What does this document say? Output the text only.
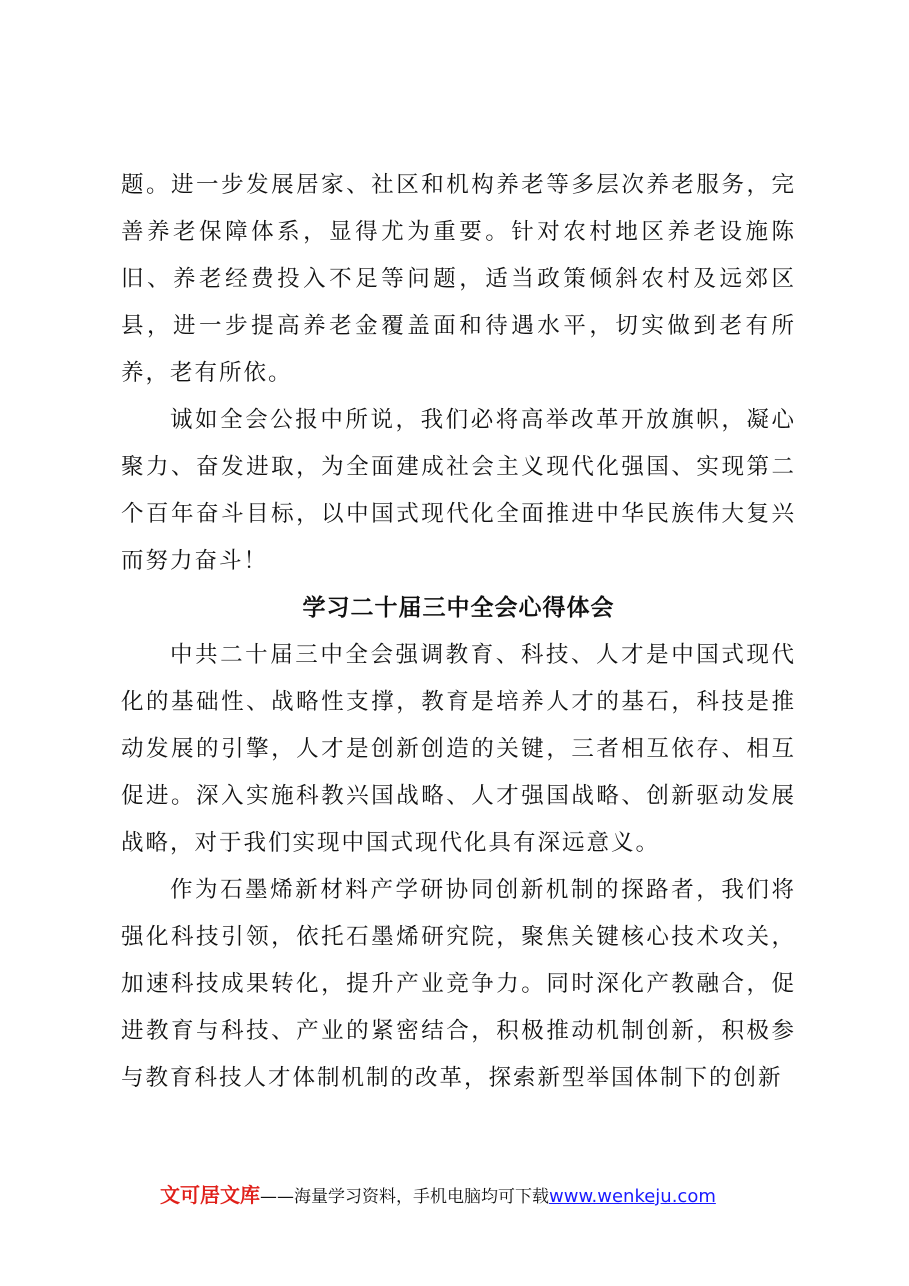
题。进一步发展居家、社区和机构养老等多层次养老服务，完善养老保障体系，显得尤为重要。针对农村地区养老设施陈旧、养老经费投入不足等问题，适当政策倾斜农村及远郊区县，进一步提高养老金覆盖面和待遇水平，切实做到老有所养，老有所依。

诚如全会公报中所说，我们必将高举改革开放旗帜，凝心聚力、奋发进取，为全面建成社会主义现代化强国、实现第二个百年奋斗目标，以中国式现代化全面推进中华民族伟大复兴而努力奋斗！

学习二十届三中全会心得体会

中共二十届三中全会强调教育、科技、人才是中国式现代化的基础性、战略性支撑，教育是培养人才的基石，科技是推动发展的引擎，人才是创新创造的关键，三者相互依存、相互促进。深入实施科教兴国战略、人才强国战略、创新驱动发展战略，对于我们实现中国式现代化具有深远意义。

作为石墨烯新材料产学研协同创新机制的探路者，我们将强化科技引领，依托石墨烯研究院，聚焦关键核心技术攻关，加速科技成果转化，提升产业竞争力。同时深化产教融合，促进教育与科技、产业的紧密结合，积极推动机制创新，积极参与教育科技人才体制机制的改革，探索新型举国体制下的创新

文可居文库——海量学习资料，手机电脑均可下载www.wenkeju.com
